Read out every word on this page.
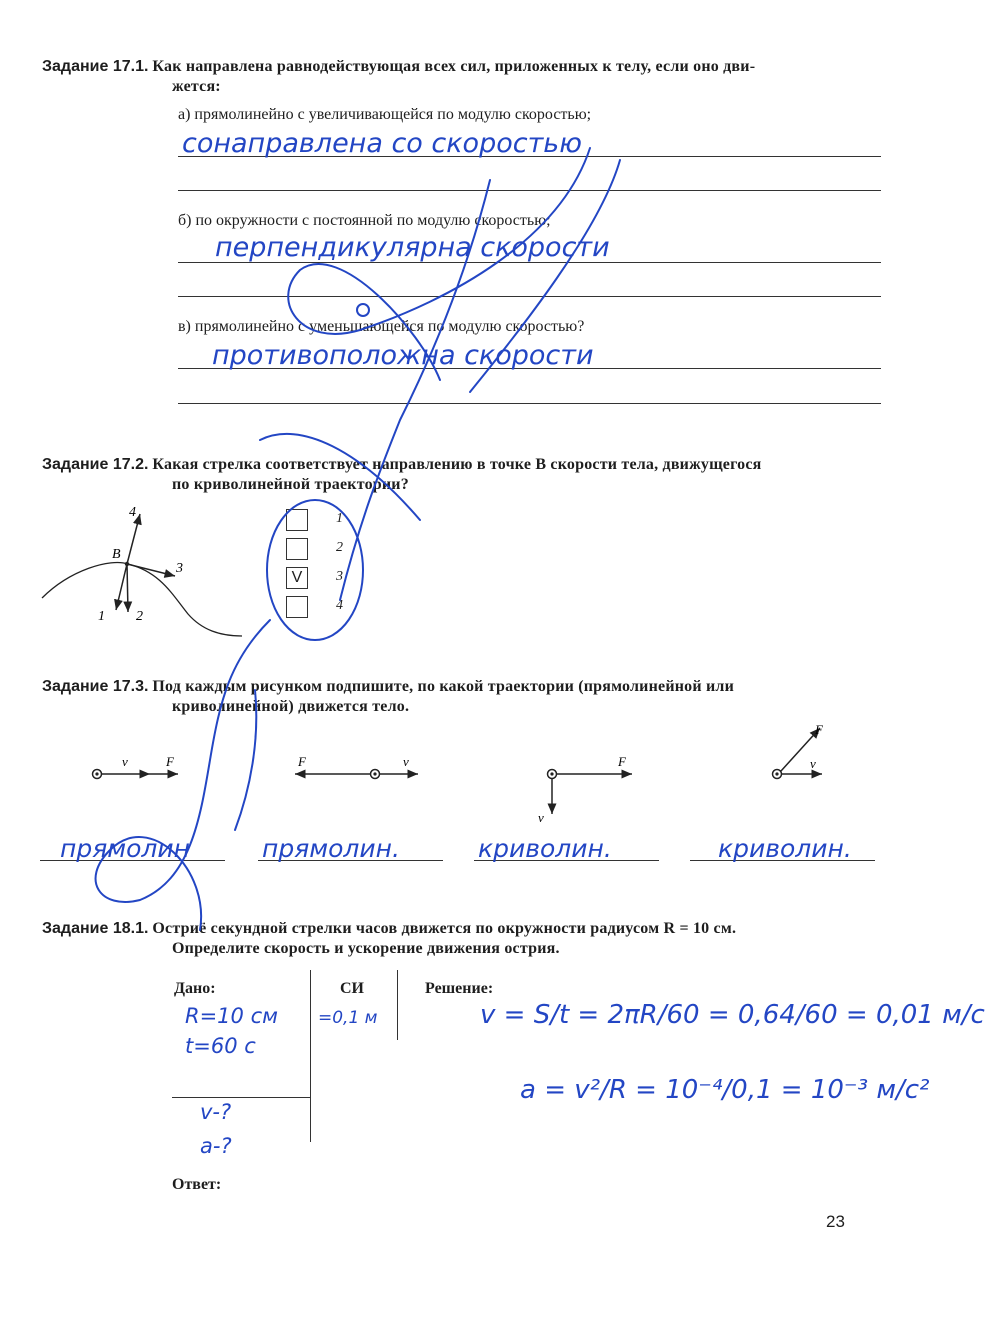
Задание 17.1. Как направлена равнодействующая всех сил, приложенных к телу, если оно дви-
жется:
а) прямолинейно с увеличивающейся по модулю скоростью;
сонаправлена со скоростью
б) по окружности с постоянной по модулю скоростью;
перпендикулярна скорости
в) прямолинейно с уменьшающейся по модулю скоростью?
противоположна скорости
Задание 17.2. Какая стрелка соответствует направлению в точке B скорости тела, движущегося
по криволинейной траектории?
B
4
3
1 2
1
2
V	3
4
Задание 17.3. Под каждым рисунком подпишите, по какой траектории (прямолинейной или
криволинейной) движется тело.
v	F	F	v	F
v
F
v
прямолин	прямолин.	криволин.	криволин.
Задание 18.1. Остриё секундной стрелки часов движется по окружности радиусом R = 10 см.
Определите скорость и ускорение движения острия.
Дано:	СИ	Решение:
R=10 см
t=60 с
=0,1 м
v-?
a-?
v = S/t = 2πR/60 = 0,64/60 = 0,01 м/с
a = v²/R = 10⁻⁴/0,1 = 10⁻³ м/с²
Ответ:
23
